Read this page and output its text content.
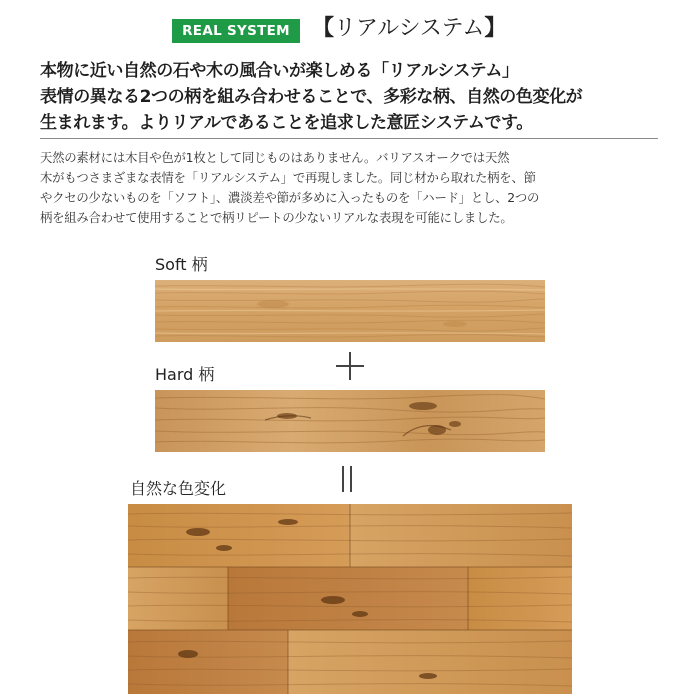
REAL SYSTEM	【リアルシステム】
本物に近い自然の石や木の風合いが楽しめる「リアルシステム」
表情の異なる2つの柄を組み合わせることで、多彩な柄、自然の色変化が
生まれます。よりリアルであることを追求した意匠システムです。
天然の素材には木目や色が1枚として同じものはありません。バリアスオークでは天然
木がもつさまざまな表情を「リアルシステム」で再現しました。同じ材から取れた柄を、節
やクセの少ないものを「ソフト」、濃淡差や節が多めに入ったものを「ハード」とし、2つの
柄を組み合わせて使用することで柄リピートの少ないリアルな表現を可能にしました。
Soft 柄
Hard 柄
自然な色変化
